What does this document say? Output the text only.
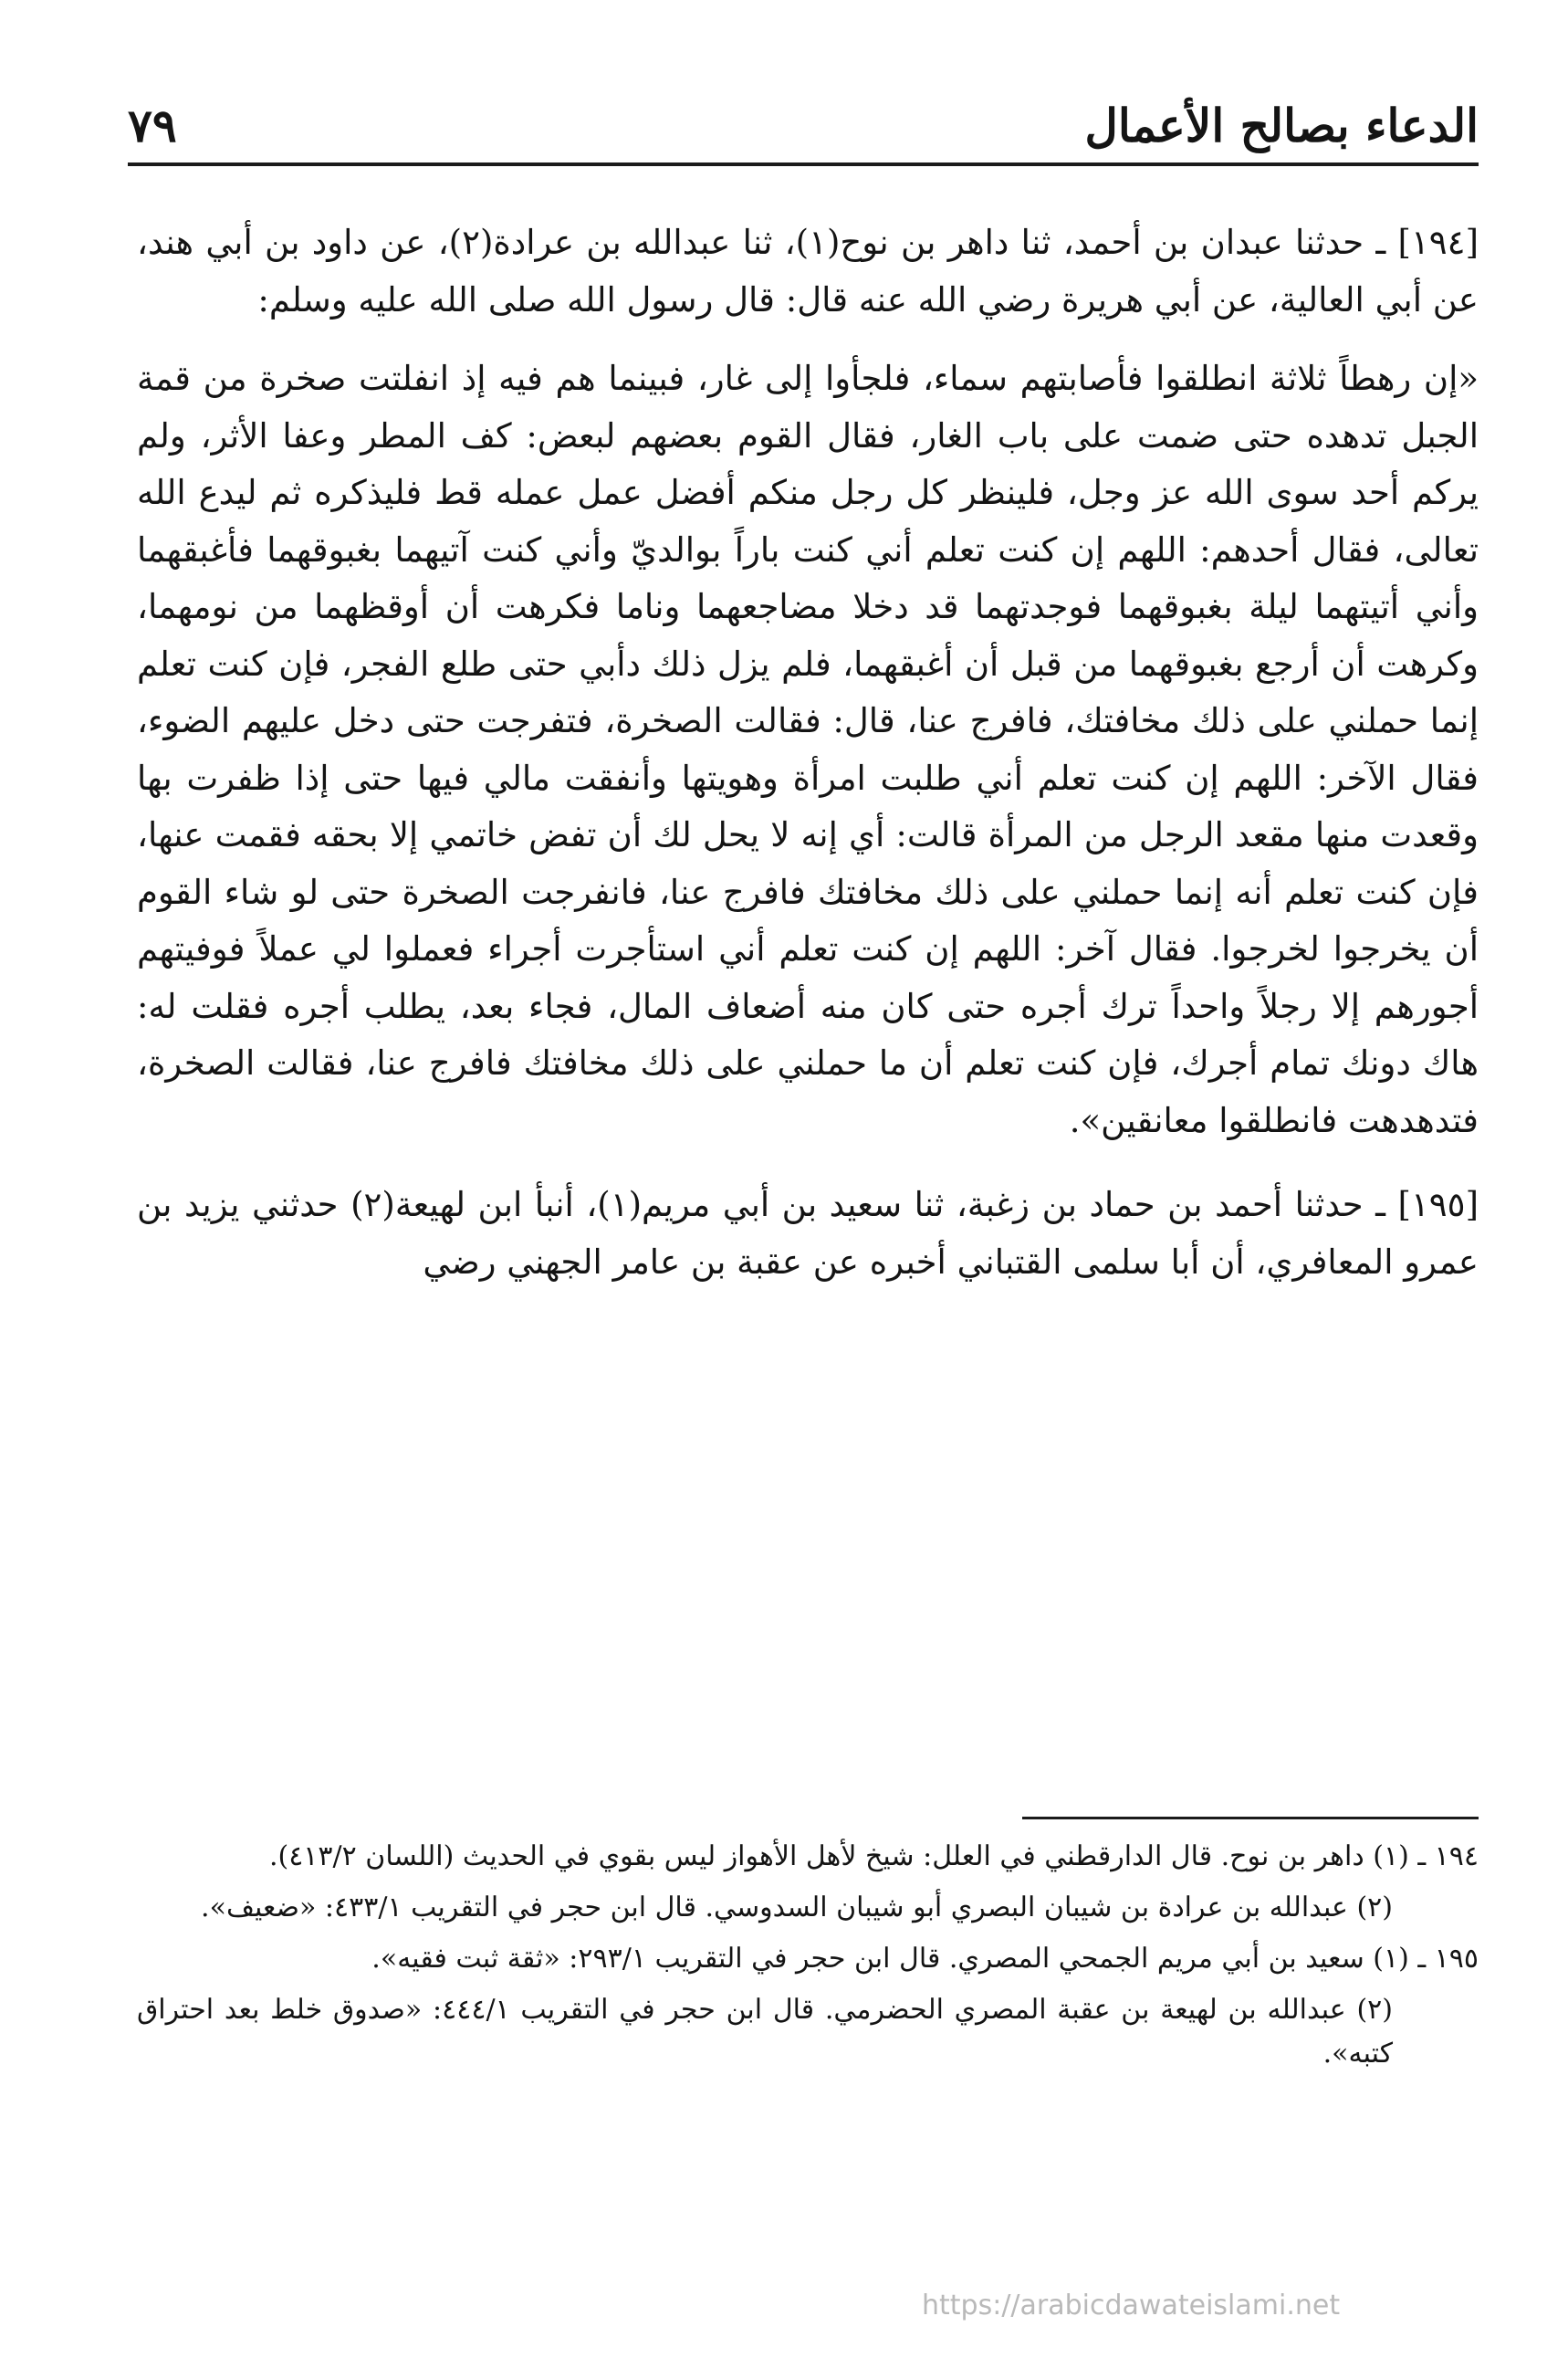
الدعاء بصالح الأعمال
٧٩

[١٩٤] ـ حدثنا عبدان بن أحمد، ثنا داهر بن نوح(١)، ثنا عبدالله بن عرادة(٢)، عن داود بن أبي هند، عن أبي العالية، عن أبي هريرة رضي الله عنه قال: قال رسول الله صلى الله عليه وسلم:

«إن رهطاً ثلاثة انطلقوا فأصابتهم سماء، فلجأوا إلى غار، فبينما هم فيه إذ انفلتت صخرة من قمة الجبل تدهده حتى ضمت على باب الغار، فقال القوم بعضهم لبعض: كف المطر وعفا الأثر، ولم يركم أحد سوى الله عز وجل، فلينظر كل رجل منكم أفضل عمل عمله قط فليذكره ثم ليدع الله تعالى، فقال أحدهم: اللهم إن كنت تعلم أني كنت باراً بوالديّ وأني كنت آتيهما بغبوقهما فأغبقهما وأني أتيتهما ليلة بغبوقهما فوجدتهما قد دخلا مضاجعهما وناما فكرهت أن أوقظهما من نومهما، وكرهت أن أرجع بغبوقهما من قبل أن أغبقهما، فلم يزل ذلك دأبي حتى طلع الفجر، فإن كنت تعلم إنما حملني على ذلك مخافتك، فافرج عنا، قال: فقالت الصخرة، فتفرجت حتى دخل عليهم الضوء، فقال الآخر: اللهم إن كنت تعلم أني طلبت امرأة وهويتها وأنفقت مالي فيها حتى إذا ظفرت بها وقعدت منها مقعد الرجل من المرأة قالت: أي إنه لا يحل لك أن تفض خاتمي إلا بحقه فقمت عنها، فإن كنت تعلم أنه إنما حملني على ذلك مخافتك فافرج عنا، فانفرجت الصخرة حتى لو شاء القوم أن يخرجوا لخرجوا. فقال آخر: اللهم إن كنت تعلم أني استأجرت أجراء فعملوا لي عملاً فوفيتهم أجورهم إلا رجلاً واحداً ترك أجره حتى كان منه أضعاف المال، فجاء بعد، يطلب أجره فقلت له: هاك دونك تمام أجرك، فإن كنت تعلم أن ما حملني على ذلك مخافتك فافرج عنا، فقالت الصخرة، فتدهدهت فانطلقوا معانقين».

[١٩٥] ـ حدثنا أحمد بن حماد بن زغبة، ثنا سعيد بن أبي مريم(١)، أنبأ ابن لهيعة(٢) حدثني يزيد بن عمرو المعافري، أن أبا سلمى القتباني أخبره عن عقبة بن عامر الجهني رضي

١٩٤ ـ (١) داهر بن نوح. قال الدارقطني في العلل: شيخ لأهل الأهواز ليس بقوي في الحديث (اللسان ٤١٣/٢).

(٢) عبدالله بن عرادة بن شيبان البصري أبو شيبان السدوسي. قال ابن حجر في التقريب ٤٣٣/١: «ضعيف».

١٩٥ ـ (١) سعيد بن أبي مريم الجمحي المصري. قال ابن حجر في التقريب ٢٩٣/١: «ثقة ثبت فقيه».

(٢) عبدالله بن لهيعة بن عقبة المصري الحضرمي. قال ابن حجر في التقريب ٤٤٤/١: «صدوق خلط بعد احتراق كتبه».

https://arabicdawateislami.net
